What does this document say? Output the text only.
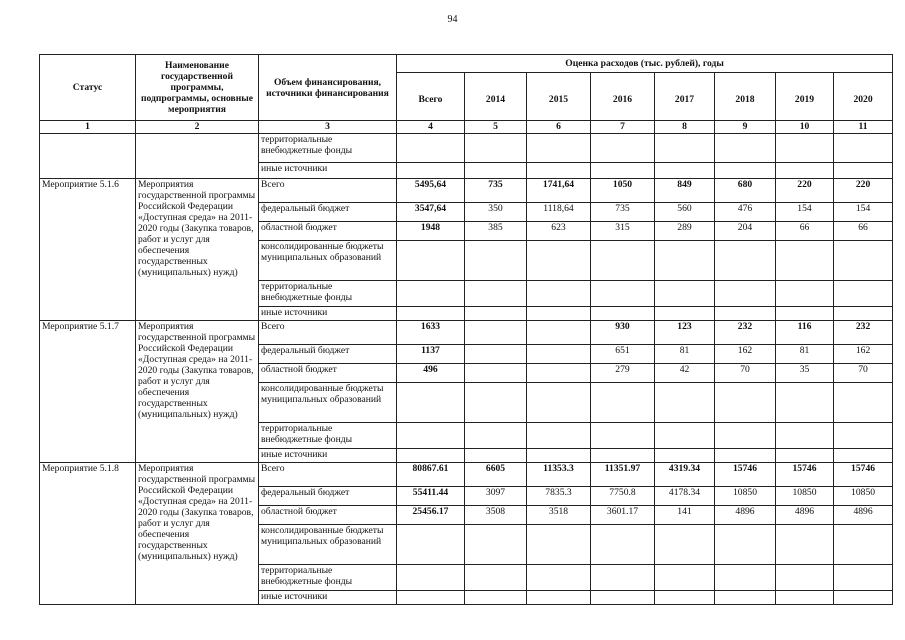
94
Статус	Наименование государственной программы, подпрограммы, основные мероприятия	Объем финансирования, источники финансирования	Оценка расходов (тыс. рублей), годы							
			Всего	2014	2015	2016	2017	2018	2019	2020
1	2	3	4	5	6	7	8	9	10	11
		территориальные внебюджетные фонды								
		иные источники								
Мероприятие 5.1.6	Мероприятия государственной программы Российской Федерации «Доступная среда» на 2011-2020 годы (Закупка товаров, работ и услуг для обеспечения государственных (муниципальных) нужд)	Всего	5495,64	735	1741,64	1050	849	680	220	220
		федеральный бюджет	3547,64	350	1118,64	735	560	476	154	154
		областной бюджет	1948	385	623	315	289	204	66	66
		консолидированные бюджеты муниципальных образований								
		территориальные внебюджетные фонды								
		иные источники								
Мероприятие 5.1.7	Мероприятия государственной программы Российской Федерации «Доступная среда» на 2011-2020 годы (Закупка товаров, работ и услуг для обеспечения государственных (муниципальных) нужд)	Всего	1633			930	123	232	116	232
		федеральный бюджет	1137			651	81	162	81	162
		областной бюджет	496			279	42	70	35	70
		консолидированные бюджеты муниципальных образований								
		территориальные внебюджетные фонды								
		иные источники								
Мероприятие 5.1.8	Мероприятия государственной программы Российской Федерации «Доступная среда» на 2011-2020 годы (Закупка товаров, работ и услуг для обеспечения государственных (муниципальных) нужд)	Всего	80867.61	6605	11353.3	11351.97	4319.34	15746	15746	15746
		федеральный бюджет	55411.44	3097	7835.3	7750.8	4178.34	10850	10850	10850
		областной бюджет	25456.17	3508	3518	3601.17	141	4896	4896	4896
		консолидированные бюджеты муниципальных образований								
		территориальные внебюджетные фонды								
		иные источники								
